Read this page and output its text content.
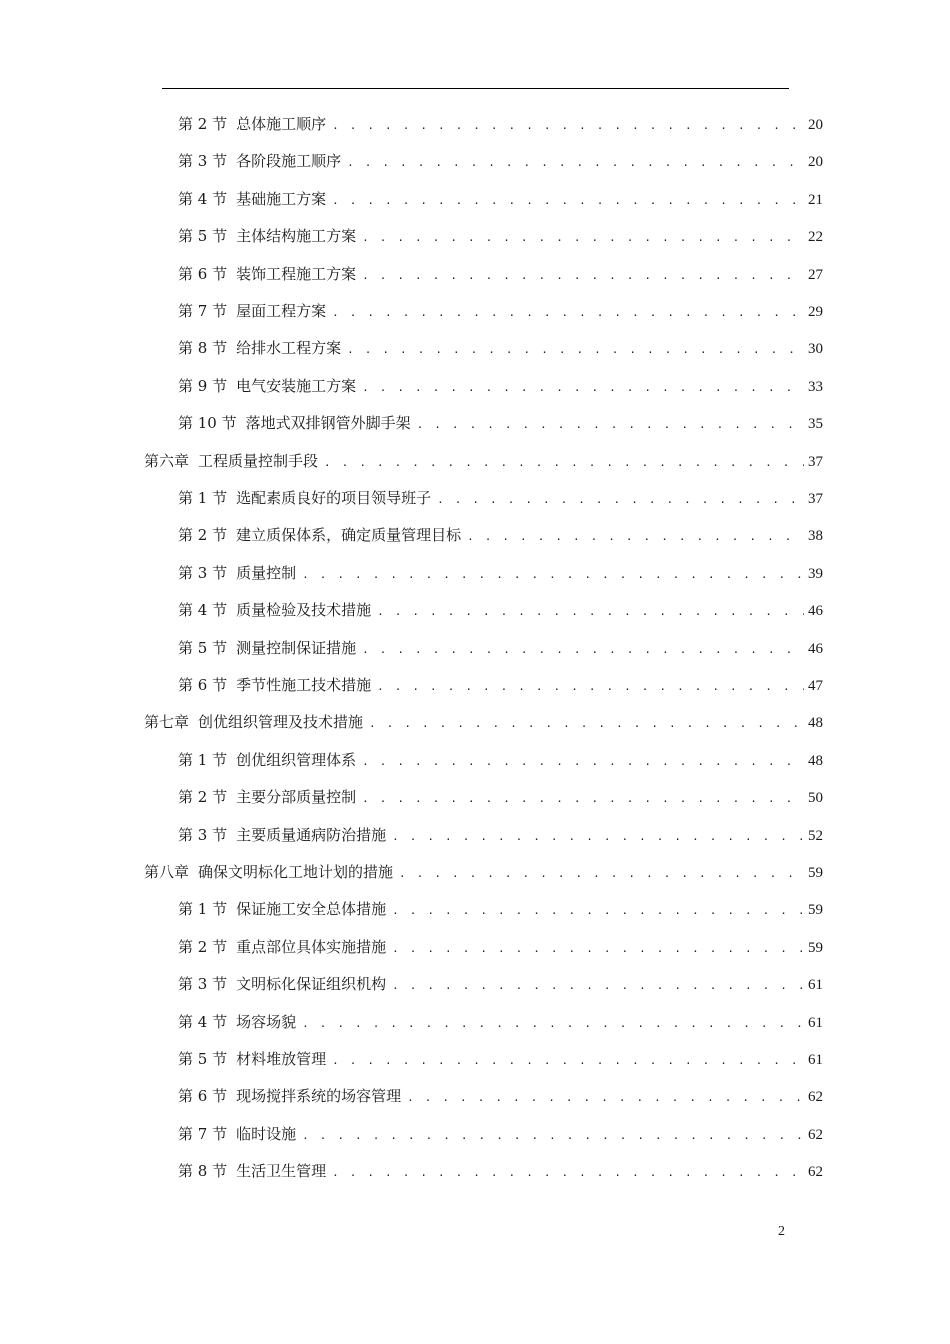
第 2 节 总体施工顺序 . . .	20
第 3 节 各阶段施工顺序 . . .	20
第 4 节 基础施工方案 . . .	21
第 5 节 主体结构施工方案 . . .	22
第 6 节 装饰工程施工方案 . . .	27
第 7 节 屋面工程方案 . . .	29
第 8 节 给排水工程方案 . . .	30
第 9 节 电气安装施工方案 . . .	33
第 10 节 落地式双排钢管外脚手架 . . .	35
第六章 工程质量控制手段 . . .	37
第 1 节 选配素质良好的项目领导班子 . . .	37
第 2 节 建立质保体系，确定质量管理目标 . . .	38
第 3 节 质量控制 . . .	39
第 4 节 质量检验及技术措施 . . .	46
第 5 节 测量控制保证措施 . . .	46
第 6 节 季节性施工技术措施 . . .	47
第七章 创优组织管理及技术措施 . . .	48
第 1 节 创优组织管理体系 . . .	48
第 2 节 主要分部质量控制 . . .	50
第 3 节 主要质量通病防治措施 . . .	52
第八章 确保文明标化工地计划的措施 . . .	59
第 1 节 保证施工安全总体措施 . . .	59
第 2 节 重点部位具体实施措施 . . .	59
第 3 节 文明标化保证组织机构 . . .	61
第 4 节 场容场貌 . . .	61
第 5 节 材料堆放管理 . . .	61
第 6 节 现场搅拌系统的场容管理 . . .	62
第 7 节 临时设施 . . .	62
第 8 节 生活卫生管理 . . .	62
2
